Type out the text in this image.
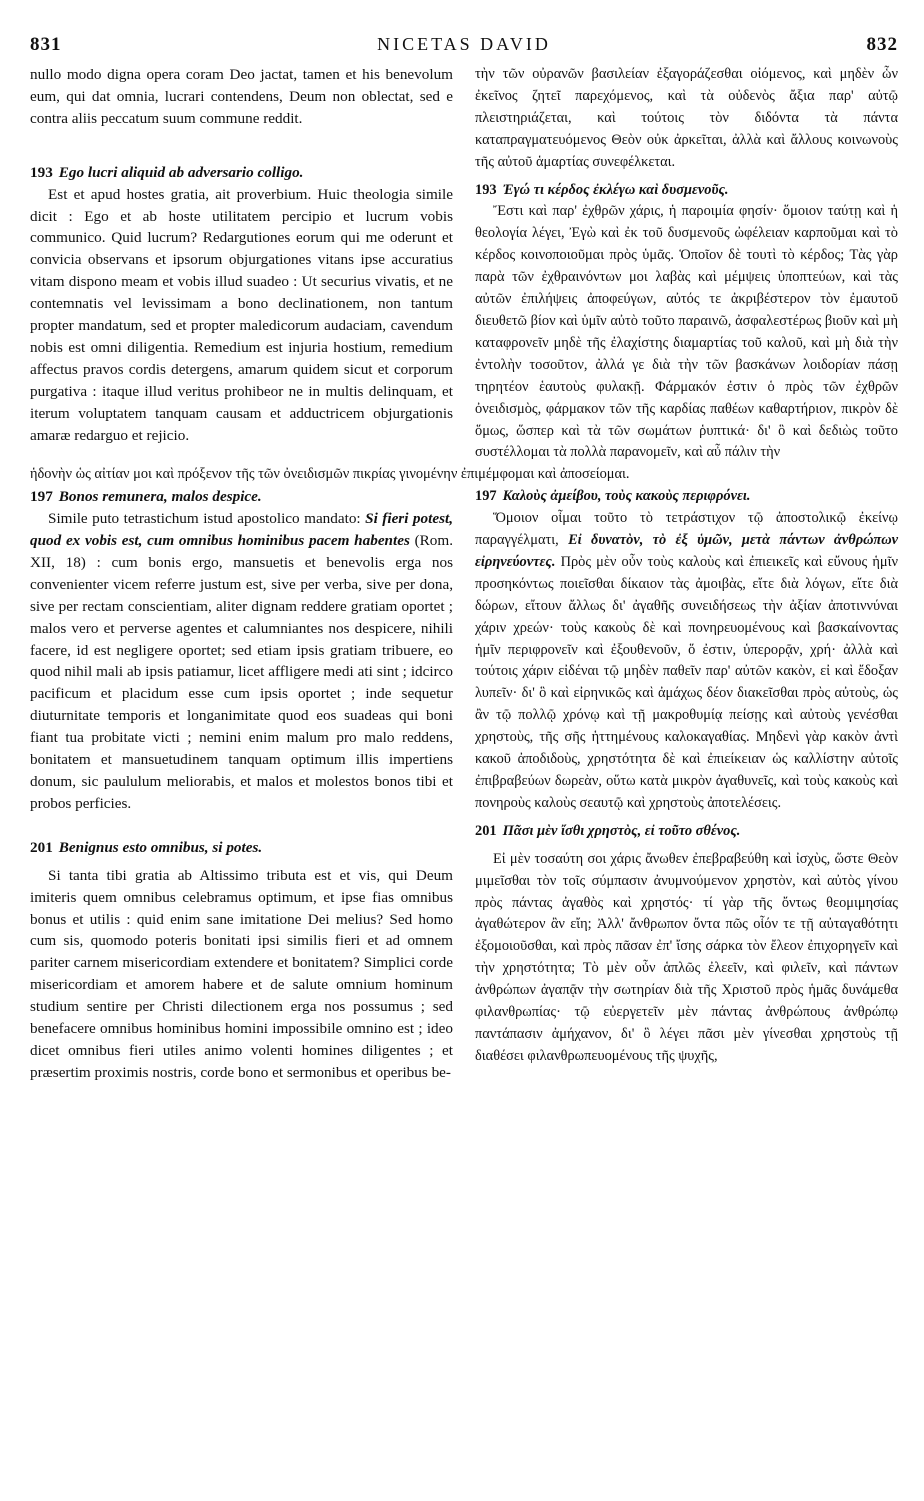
831	NICETAS DAVID	832

nullo modo digna opera coram Deo jactat, tamen et his benevolum eum, qui dat omnia, lucrari contendens, Deum non oblectat, sed e contra aliis peccatum suum commune reddit.

193 Ego lucri aliquid ab adversario colligo.

Est et apud hostes gratia, ait proverbium. Huic theologia simile dicit : Ego et ab hoste utilitatem percipio et lucrum vobis communico. Quid lucrum? Redargutiones eorum qui me oderunt et convicia observans et ipsorum objurgationes vitans ipse accuratius vitam dispono meam et vobis illud suadeo : Ut securius vivatis, et ne contemnatis vel levissimam a bono declinationem, non tantum propter mandatum, sed et propter maledicorum audaciam, cavendum nobis est omni diligentia. Remedium est injuria hostium, remedium affectus pravos cordis detergens, amarum quidem sicut et corporum purgativa : itaque illud veritus prohibeor ne in multis delinquam, et iterum voluptatem tanquam causam et adductricem objurgationis amaræ redarguo et rejicio.

τὴν τῶν οὐρανῶν βασιλείαν ἐξαγοράζεσθαι οἰόμενος, καὶ μηδὲν ὧν ἐκεῖνος ζητεῖ παρεχόμενος, καὶ τὰ οὐδενὸς ἄξια παρ' αὐτῷ πλειστηριάζεται, καὶ τούτοις τὸν διδόντα τὰ πάντα καταπραγματευόμενος Θεὸν οὐκ ἀρκεῖται, ἀλλὰ καὶ ἄλλους κοινωνοὺς τῆς αὐτοῦ ἁμαρτίας συνεφέλκεται.

193 Ἐγώ τι κέρδος ἐκλέγω καὶ δυσμενοῦς.

Ἔστι καὶ παρ' ἐχθρῶν χάρις, ἡ παροιμία φησίν· ὅμοιον ταύτῃ καὶ ἡ θεολογία λέγει, Ἐγὼ καὶ ἐκ τοῦ δυσμενοῦς ὠφέλειαν καρποῦμαι καὶ τὸ κέρδος κοινοποιοῦμαι πρὸς ὑμᾶς. Ὁποῖον δὲ τουτὶ τὸ κέρδος; Τὰς γὰρ παρὰ τῶν ἐχθραινόντων μοι λαβὰς καὶ μέμψεις ὑποπτεύων, καὶ τὰς αὐτῶν ἐπιλήψεις ἀποφεύγων, αὐτός τε ἀκριβέστερον τὸν ἐμαυτοῦ διευθετῶ βίον καὶ ὑμῖν αὐτὸ τοῦτο παραινῶ, ἀσφαλεστέρως βιοῦν καὶ μὴ καταφρονεῖν μηδὲ τῆς ἐλαχίστης διαμαρτίας τοῦ καλοῦ, καὶ μὴ διὰ τὴν ἐντολὴν τοσοῦτον, ἀλλά γε διὰ τὴν τῶν βασκάνων λοιδορίαν πάσῃ τηρητέον ἑαυτοὺς φυλακῇ. Φάρμακόν ἐστιν ὁ πρὸς τῶν ἐχθρῶν ὀνειδισμὸς, φάρμακον τῶν τῆς καρδίας παθέων καθαρτήριον, πικρὸν δὲ ὅμως, ὥσπερ καὶ τὰ τῶν σωμάτων ῥυπτικά· δι' ὃ καὶ δεδιὼς τοῦτο συστέλλομαι τὰ πολλὰ παρανομεῖν, καὶ αὖ πάλιν τὴν

ἡδονὴν ὡς αἰτίαν μοι καὶ πρόξενον τῆς τῶν ὀνειδισμῶν πικρίας γινομένην ἐπιμέμφομαι καὶ ἀποσείομαι.

197 Bonos remunera, malos despice.

Simile puto tetrastichum istud apostolico mandato: Si fieri potest, quod ex vobis est, cum omnibus hominibus pacem habentes (Rom. XII, 18) : cum bonis ergo, mansuetis et benevolis erga nos convenienter vicem referre justum est, sive per verba, sive per dona, sive per rectam conscientiam, aliter dignam reddere gratiam oportet ; malos vero et perverse agentes et calumniantes nos despicere, nihili facere, id est negligere oportet; sed etiam ipsis gratiam tribuere, eo quod nihil mali ab ipsis patiamur, licet affligere medi ati sint ; idcirco pacificum et placidum esse cum ipsis oportet ; inde sequetur diuturnitate temporis et longanimitate quod eos suadeas qui boni fiant tua probitate victi ; nemini enim malum pro malo reddens, bonitatem et mansuetudinem tanquam optimum illis impertiens donum, sic paululum meliorabis, et malos et molestos bonos tibi et probos perficies.

201 Benignus esto omnibus, si potes.

Si tanta tibi gratia ab Altissimo tributa est et vis, qui Deum imiteris quem omnibus celebramus optimum, et ipse fias omnibus bonus et utilis : quid enim sane imitatione Dei melius? Sed homo cum sis, quomodo poteris bonitati ipsi similis fieri et ad omnem pariter carnem misericordiam extendere et bonitatem? Simplici corde misericordiam et amorem habere et de salute omnium hominum studium sentire per Christi dilectionem erga nos possumus ; sed benefacere omnibus hominibus homini impossibile omnino est ; ideo dicet omnibus fieri utiles animo volenti homines diligentes ; et præsertim proximis nostris, corde bono et sermonibus et operibus be-

197 Καλοὺς ἀμείβου, τοὺς κακοὺς περιφρόνει.

Ὅμοιον οἶμαι τοῦτο τὸ τετράστιχον τῷ ἀποστολικῷ ἐκείνῳ παραγγέλματι, Εἰ δυνατὸν, τὸ ἐξ ὑμῶν, μετὰ πάντων ἀνθρώπων εἰρηνεύοντες. Πρὸς μὲν οὖν τοὺς καλοὺς καὶ ἐπιεικεῖς καὶ εὔνους ἡμῖν προσηκόντως ποιεῖσθαι δίκαιον τὰς ἀμοιβὰς, εἴτε διὰ λόγων, εἴτε διὰ δώρων, εἴτουν ἄλλως δι' ἀγαθῆς συνειδήσεως τὴν ἀξίαν ἀποτιννύναι χάριν χρεών· τοὺς κακοὺς δὲ καὶ πονηρευομένους καὶ βασκαίνοντας ἡμῖν περιφρονεῖν καὶ ἐξουθενοῦν, ὅ ἐστιν, ὑπερορᾷν, χρή· ἀλλὰ καὶ τούτοις χάριν εἰδέναι τῷ μηδὲν παθεῖν παρ' αὐτῶν κακὸν, εἰ καὶ ἔδοξαν λυπεῖν· δι' ὃ καὶ εἰρηνικῶς καὶ ἀμάχως δέον διακεῖσθαι πρὸς αὐτοὺς, ὡς ἂν τῷ πολλῷ χρόνῳ καὶ τῇ μακροθυμίᾳ πείσῃς καὶ αὐτοὺς γενέσθαι χρηστοὺς, τῆς σῆς ἡττημένους καλοκαγαθίας. Μηδενὶ γὰρ κακὸν ἀντὶ κακοῦ ἀποδιδοὺς, χρηστότητα δὲ καὶ ἐπιείκειαν ὡς καλλίστην αὐτοῖς ἐπιβραβεύων δωρεὰν, οὕτω κατὰ μικρὸν ἀγαθυνεῖς, καὶ τοὺς κακοὺς καὶ πονηροὺς καλοὺς σεαυτῷ καὶ χρηστοὺς ἀποτελέσεις.

201 Πᾶσι μὲν ἴσθι χρηστὸς, εἰ τοῦτο σθένος.

Εἰ μὲν τοσαύτη σοι χάρις ἄνωθεν ἐπεβραβεύθη καὶ ἰσχὺς, ὥστε Θεὸν μιμεῖσθαι τὸν τοῖς σύμπασιν ἀνυμνούμενον χρηστὸν, καὶ αὐτὸς γίνου πρὸς πάντας ἀγαθὸς καὶ χρηστός· τί γὰρ τῆς ὄντως θεομιμησίας ἀγαθώτερον ἂν εἴη; Ἀλλ' ἄνθρωπον ὄντα πῶς οἷόν τε τῇ αὐταγαθότητι ἐξομοιοῦσθαι, καὶ πρὸς πᾶσαν ἐπ' ἴσης σάρκα τὸν ἔλεον ἐπιχορηγεῖν καὶ τὴν χρηστότητα; Τὸ μὲν οὖν ἁπλῶς ἐλεεῖν, καὶ φιλεῖν, καὶ πάντων ἀνθρώπων ἀγαπᾷν τὴν σωτηρίαν διὰ τῆς Χριστοῦ πρὸς ἡμᾶς δυνάμεθα φιλανθρωπίας· τῷ εὐεργετεῖν μὲν πάντας ἀνθρώπους ἀνθρώπῳ παντάπασιν ἀμήχανον, δι' ὃ λέγει πᾶσι μὲν γίνεσθαι χρηστοὺς τῇ διαθέσει φιλανθρωπευομένους τῆς ψυχῆς,
